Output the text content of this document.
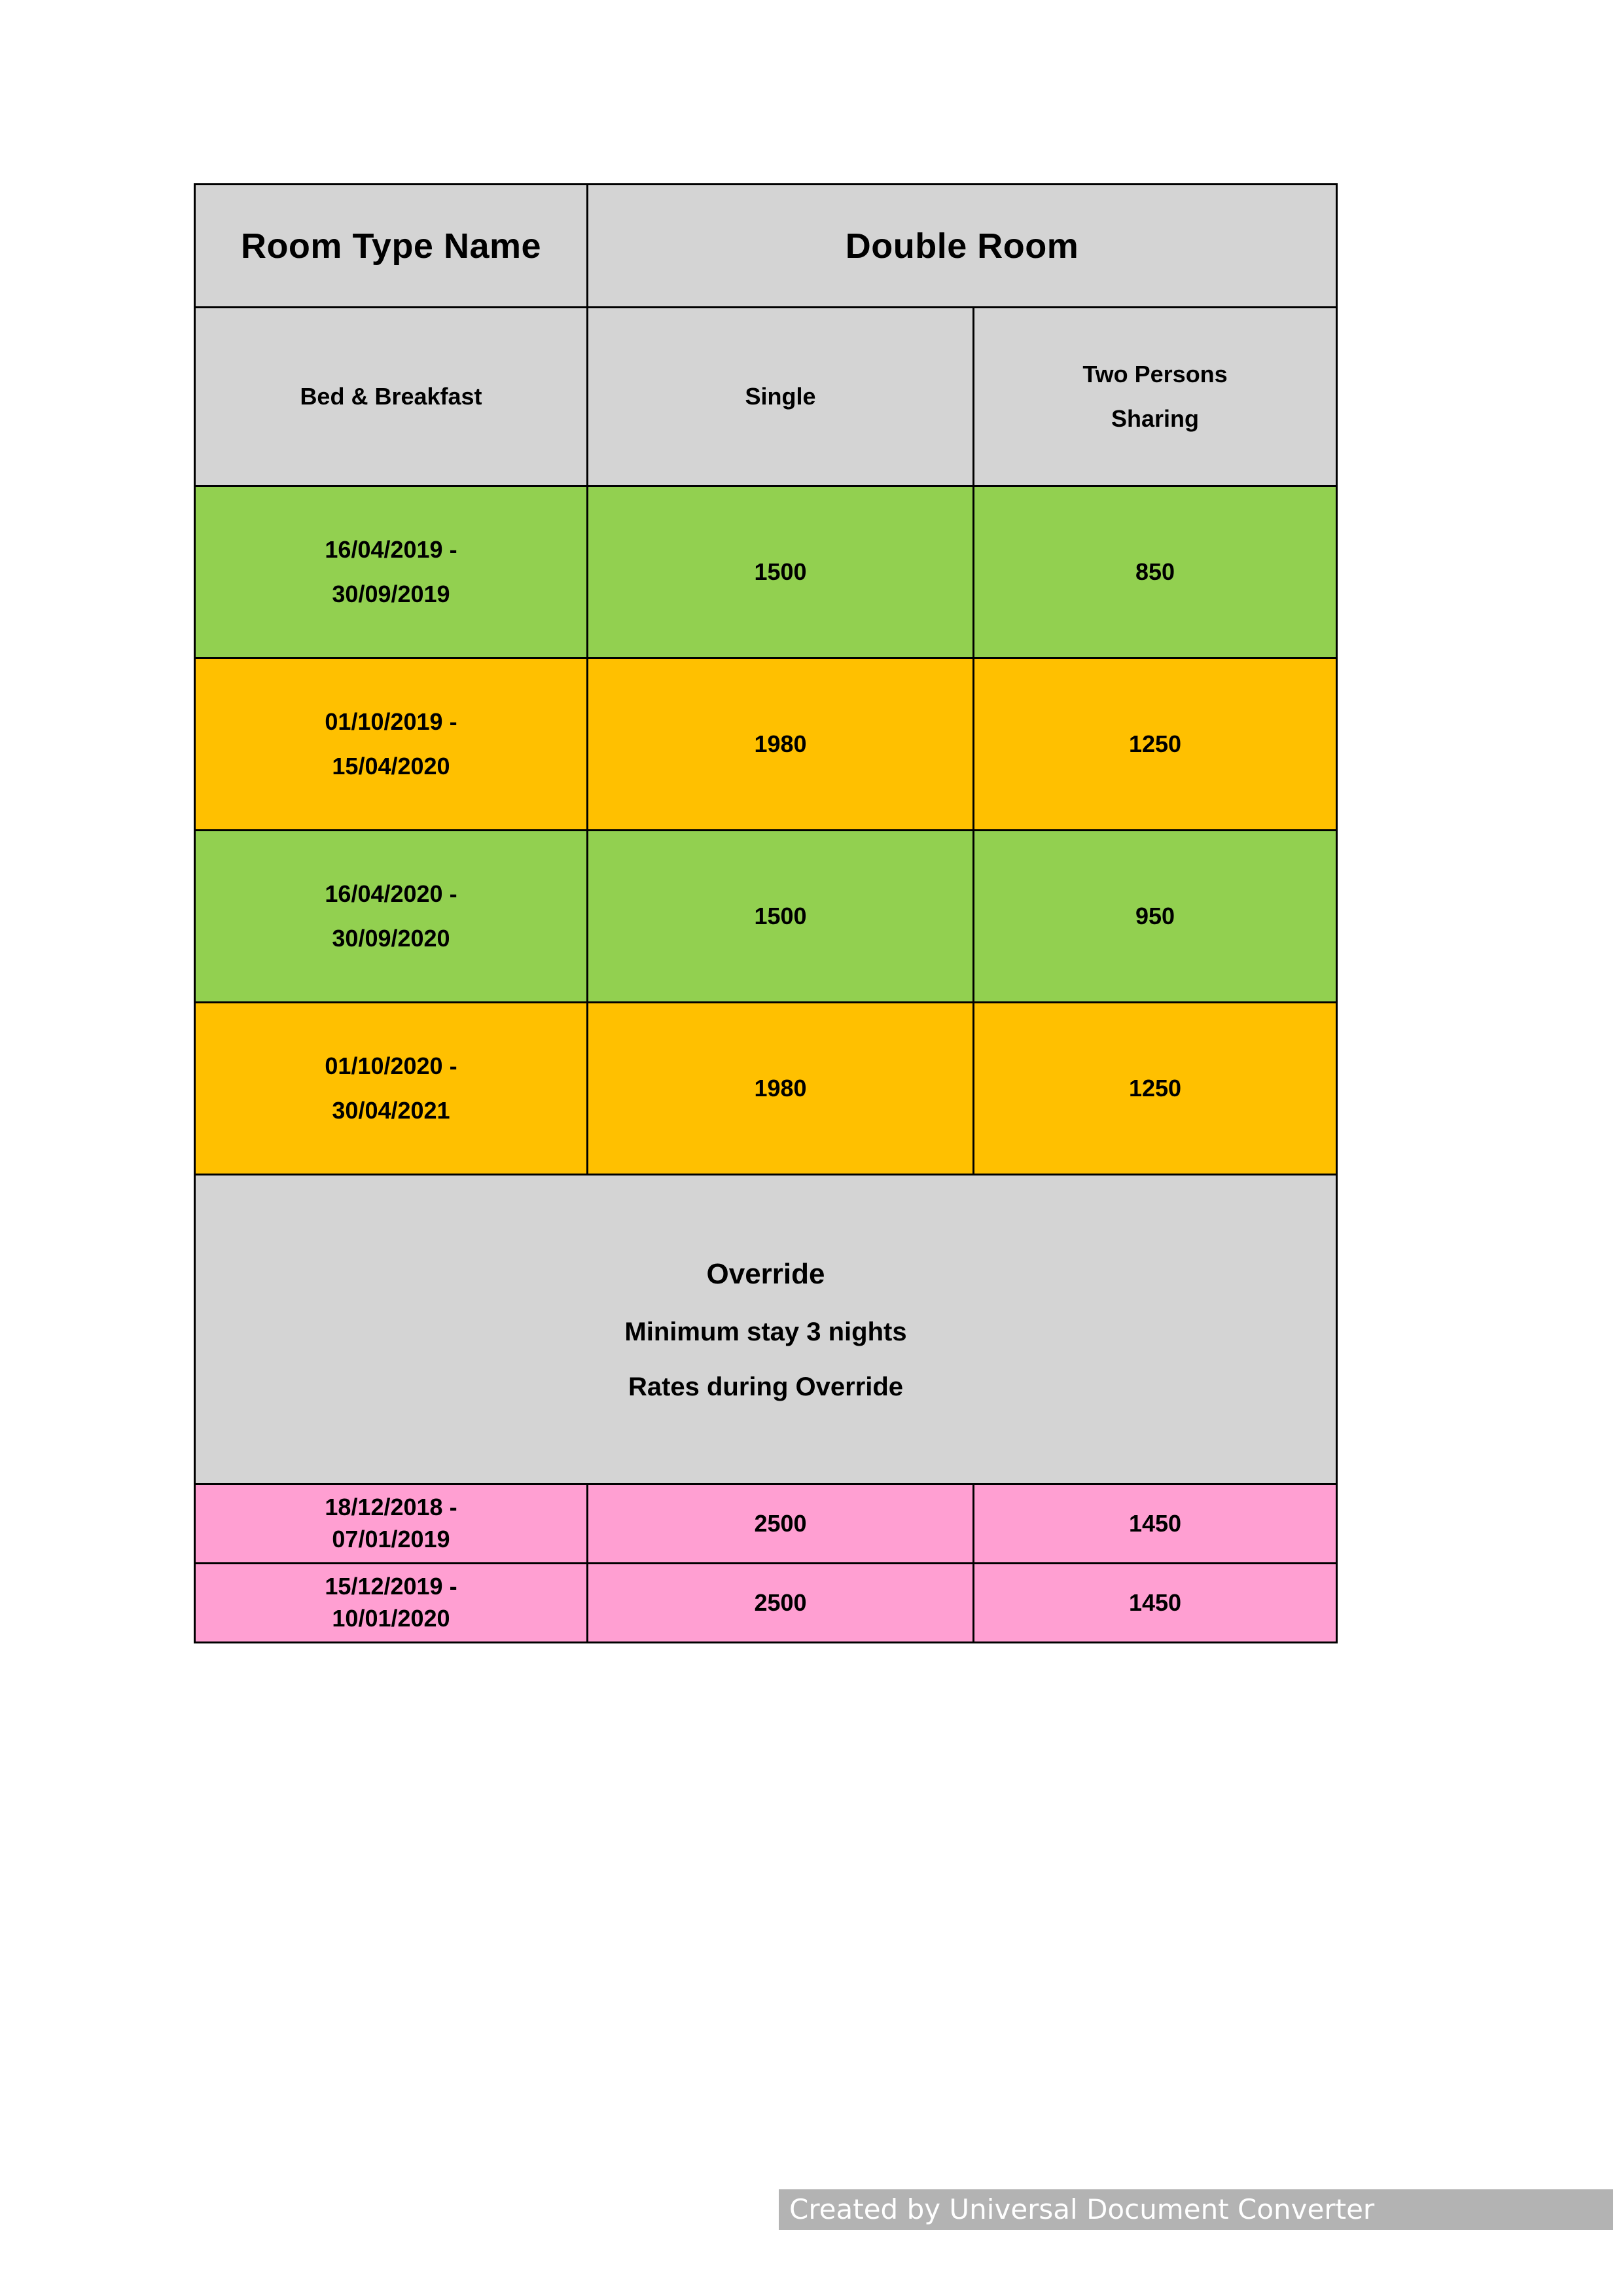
Room Type Name	Double Room	
Bed & Breakfast	Single	Two Persons
Sharing

16/04/2019 -
30/09/2019	1500	850

01/10/2019 -
15/04/2020	1980	1250

16/04/2020 -
30/09/2020	1500	950

01/10/2020 -
30/04/2021	1980	1250

Override
Minimum stay 3 nights
Rates during Override		

18/12/2018 -
07/01/2019	2500	1450

15/12/2019 -
10/01/2020	2500	1450
Created by Universal Document Converter
